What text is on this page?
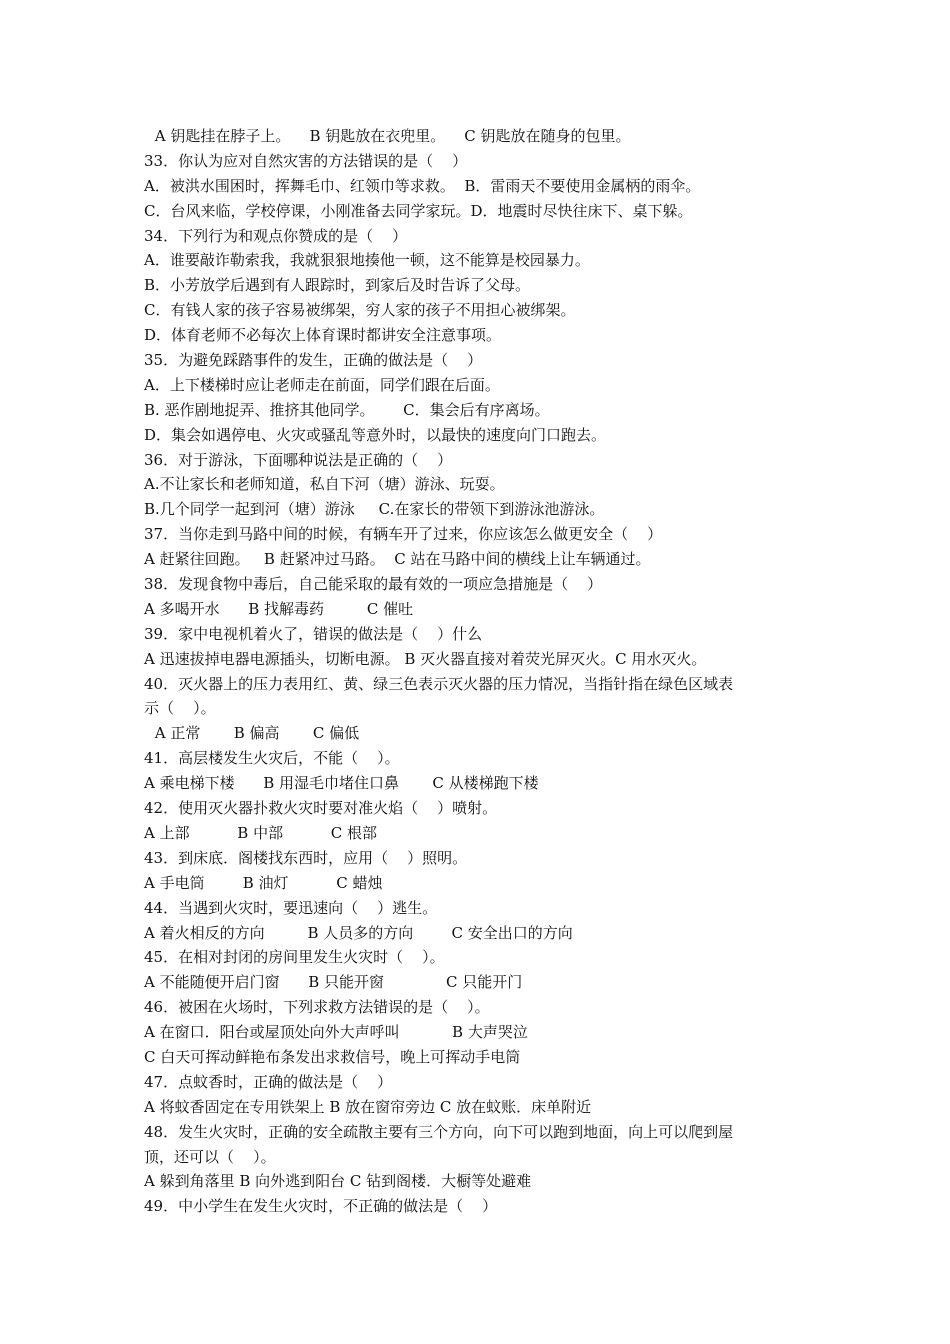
A 钥匙挂在脖子上。    B 钥匙放在衣兜里。    C 钥匙放在随身的包里。
33．你认为应对自然灾害的方法错误的是（    ）
A．被洪水围困时，挥舞毛巾、红领巾等求救。  B．雷雨天不要使用金属柄的雨伞。
C．台风来临，学校停课，小刚准备去同学家玩。D．地震时尽快往床下、桌下躲。
34．下列行为和观点你赞成的是（    ）
A．谁要敲诈勒索我，我就狠狠地揍他一顿，这不能算是校园暴力。
B．小芳放学后遇到有人跟踪时，到家后及时告诉了父母。
C．有钱人家的孩子容易被绑架，穷人家的孩子不用担心被绑架。
D．体育老师不必每次上体育课时都讲安全注意事项。
35．为避免踩踏事件的发生，正确的做法是（    ）
A．上下楼梯时应让老师走在前面，同学们跟在后面。
B. 恶作剧地捉弄、推挤其他同学。      C．集会后有序离场。
D．集会如遇停电、火灾或骚乱等意外时，以最快的速度向门口跑去。
36．对于游泳，下面哪种说法是正确的（    ）
A.不让家长和老师知道，私自下河（塘）游泳、玩耍。
B.几个同学一起到河（塘）游泳     C.在家长的带领下到游泳池游泳。
37．当你走到马路中间的时候，有辆车开了过来，你应该怎么做更安全（    ）
A 赶紧往回跑。   B 赶紧冲过马路。  C 站在马路中间的横线上让车辆通过。
38．发现食物中毒后，自己能采取的最有效的一项应急措施是（    ）
A 多喝开水      B 找解毒药         C 催吐
39．家中电视机着火了，错误的做法是（    ）什么
A 迅速拔掉电器电源插头，切断电源。 B 灭火器直接对着荧光屏灭火。C 用水灭火。
40．灭火器上的压力表用红、黄、绿三色表示灭火器的压力情况，当指针指在绿色区域表
示（    ）。
A 正常       B 偏高       C 偏低
41．高层楼发生火灾后，不能（    ）。
A 乘电梯下楼      B 用湿毛巾堵住口鼻       C 从楼梯跑下楼
42．使用灭火器扑救火灾时要对准火焰（    ）喷射。
A 上部          B 中部          C 根部
43．到床底．阁楼找东西时，应用（    ）照明。
A 手电筒        B 油灯          C 蜡烛
44．当遇到火灾时，要迅速向（    ）逃生。
A 着火相反的方向         B 人员多的方向        C 安全出口的方向
45．在相对封闭的房间里发生火灾时（    ）。
A 不能随便开启门窗      B 只能开窗             C 只能开门
46．被困在火场时，下列求救方法错误的是（    ）。
A 在窗口．阳台或屋顶处向外大声呼叫           B 大声哭泣
C 白天可挥动鲜艳布条发出求救信号，晚上可挥动手电筒
47．点蚊香时，正确的做法是（    ）
A 将蚊香固定在专用铁架上 B 放在窗帘旁边 C 放在蚊账．床单附近
48．发生火灾时，正确的安全疏散主要有三个方向，向下可以跑到地面，向上可以爬到屋
顶，还可以（    ）。
A 躲到角落里 B 向外逃到阳台 C 钻到阁楼．大橱等处避难
49．中小学生在发生火灾时，不正确的做法是（    ）
